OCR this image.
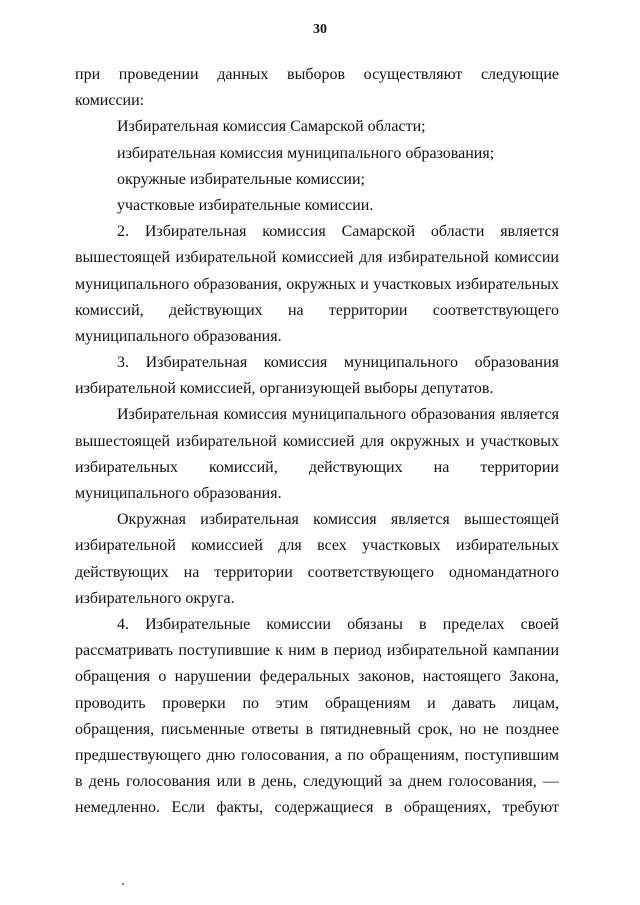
30
при проведении данных выборов осуществляют следующие
комиссии:
Избирательная комиссия Самарской области;
избирательная комиссия муниципального образования;
окружные избирательные комиссии;
участковые избирательные комиссии.
2. Избирательная комиссия Самарской области является
вышестоящей избирательной комиссией для избирательной комиссии
муниципального образования, окружных и участковых избирательных
комиссий, действующих на территории соответствующего
муниципального образования.
3. Избирательная комиссия муниципального образования
избирательной комиссией, организующей выборы депутатов.
Избирательная комиссия муниципального образования является
вышестоящей избирательной комиссией для окружных и участковых
избирательных комиссий, действующих на территории
муниципального образования.
Окружная избирательная комиссия является вышестоящей
избирательной комиссией для всех участковых избирательных
действующих на территории соответствующего одномандатного
избирательного округа.
4. Избирательные комиссии обязаны в пределах своей
рассматривать поступившие к ним в период избирательной кампании
обращения о нарушении федеральных законов, настоящего Закона,
проводить проверки по этим обращениям и давать лицам,
обращения, письменные ответы в пятидневный срок, но не позднее
предшествующего дню голосования, а по обращениям, поступившим
в день голосования или в день, следующий за днем голосования, —
немедленно. Если факты, содержащиеся в обращениях, требуют
